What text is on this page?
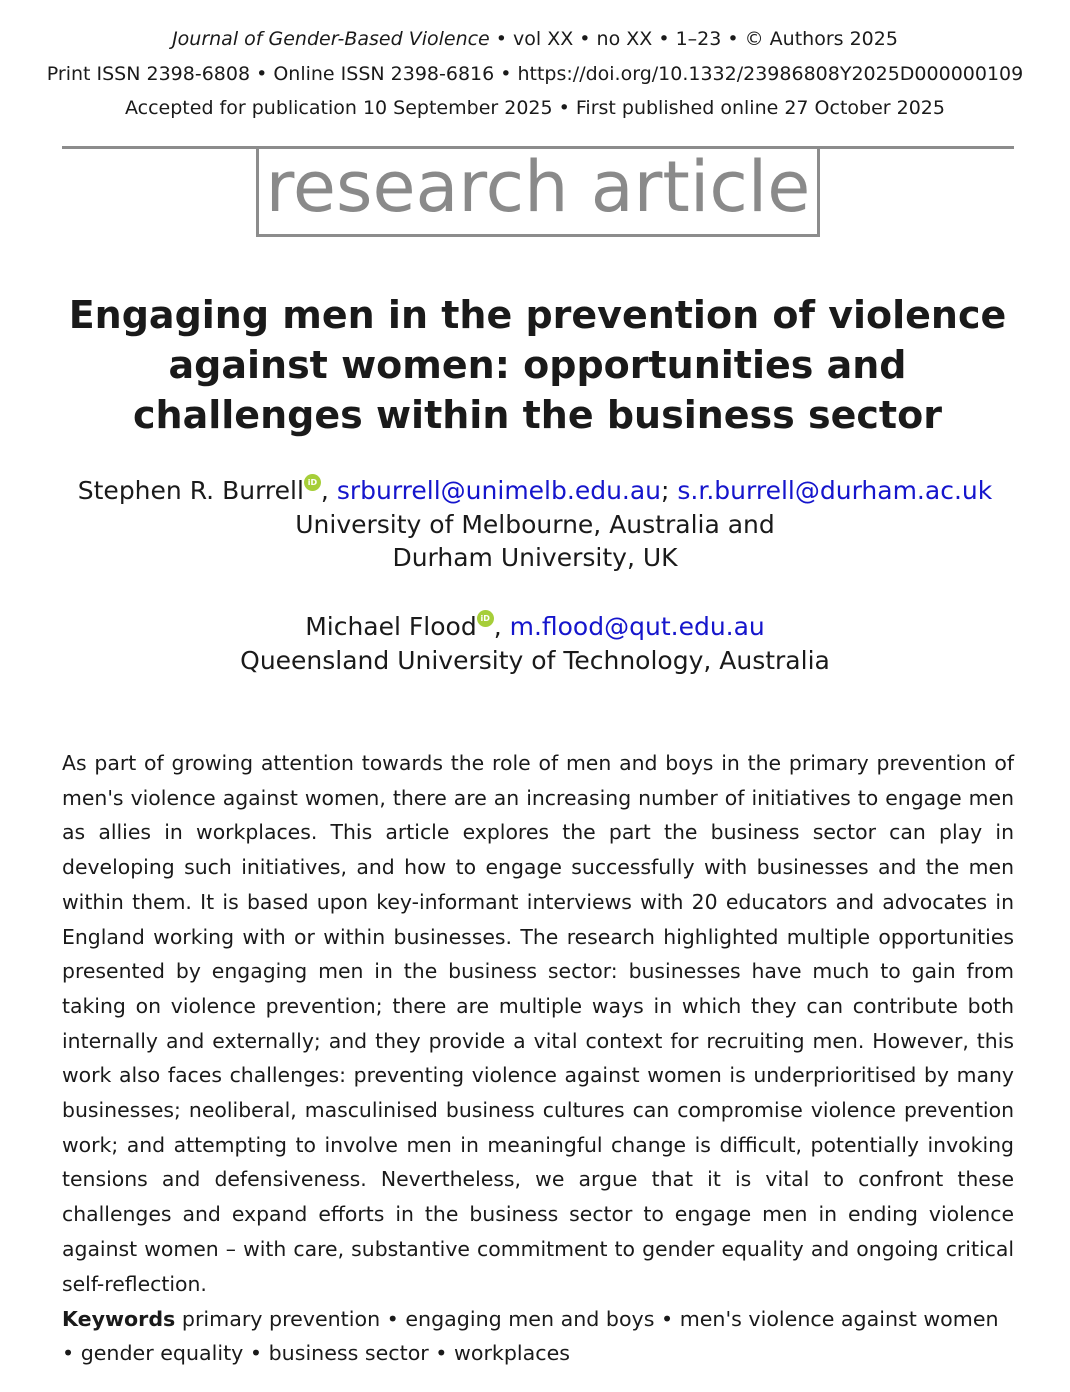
Journal of Gender-Based Violence • vol XX • no XX • 1–23 • © Authors 2025
Print ISSN 2398-6808 • Online ISSN 2398-6816 • https://doi.org/10.1332/23986808Y2025D000000109
Accepted for publication 10 September 2025 • First published online 27 October 2025
research article
Engaging men in the prevention of violence against women: opportunities and challenges within the business sector
Stephen R. Burrell iD , srburrell@unimelb.edu.au; s.r.burrell@durham.ac.uk
University of Melbourne, Australia and
Durham University, UK
Michael Flood iD , m.flood@qut.edu.au
Queensland University of Technology, Australia

As part of growing attention towards the role of men and boys in the primary prevention of men's violence against women, there are an increasing number of initiatives to engage men as allies in workplaces. This article explores the part the business sector can play in developing such initiatives, and how to engage successfully with businesses and the men within them. It is based upon key-informant interviews with 20 educators and advocates in England working with or within businesses. The research highlighted multiple opportunities presented by engaging men in the business sector: businesses have much to gain from taking on violence prevention; there are multiple ways in which they can contribute both internally and externally; and they provide a vital context for recruiting men. However, this work also faces challenges: preventing violence against women is underprioritised by many businesses; neoliberal, masculinised business cultures can compromise violence prevention work; and attempting to involve men in meaningful change is difficult, potentially invoking tensions and defensiveness. Nevertheless, we argue that it is vital to confront these challenges and expand efforts in the business sector to engage men in ending violence against women – with care, substantive commitment to gender equality and ongoing critical self-reflection.

Keywords primary prevention • engaging men and boys • men's violence against women
• gender equality • business sector • workplaces
